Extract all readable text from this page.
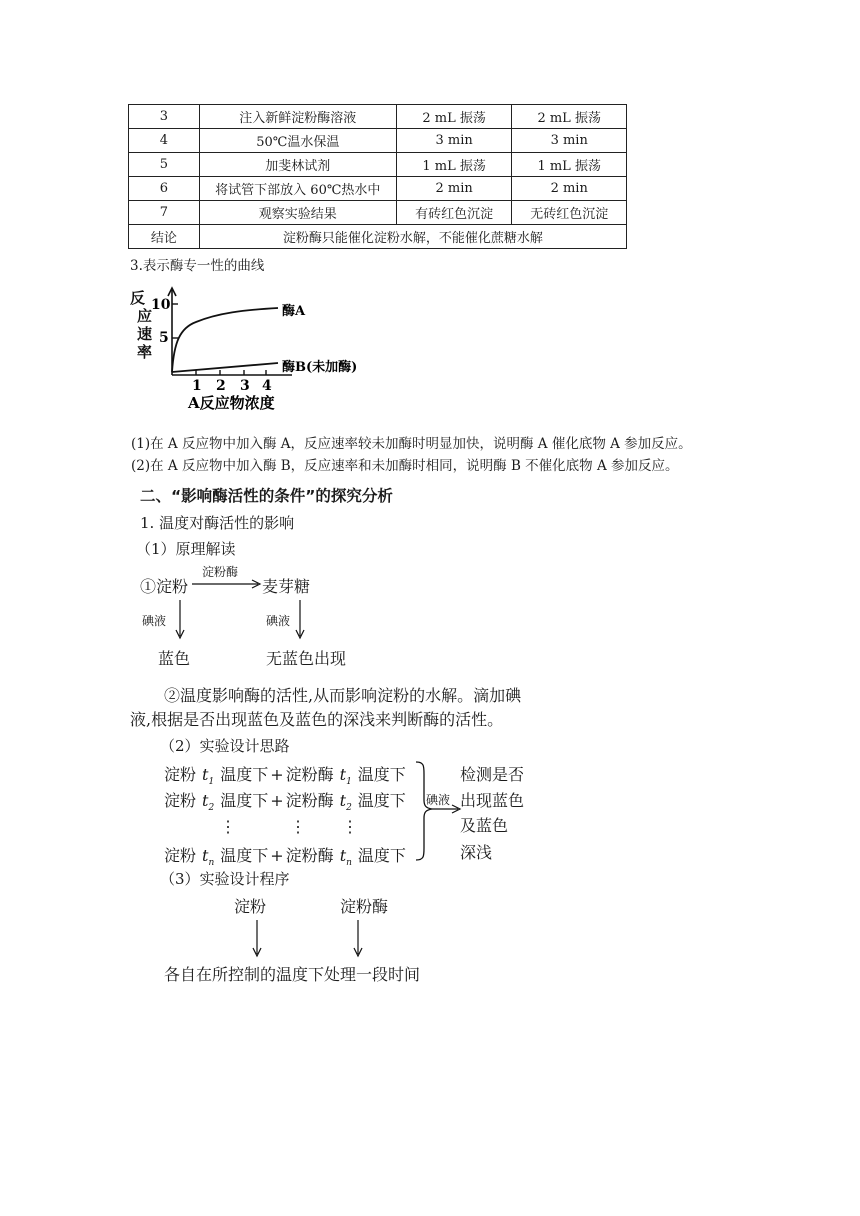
3	注入新鲜淀粉酶溶液	2 mL 振荡	2 mL 振荡
4	50℃温水保温	3 min	3 min
5	加斐林试剂	1 mL 振荡	1 mL 振荡
6	将试管下部放入 60℃热水中	2 min	2 min
7	观察实验结果	有砖红色沉淀	无砖红色沉淀
结论	淀粉酶只能催化淀粉水解，不能催化蔗糖水解		
3.表示酶专一性的曲线
反
应
速
率
10
5
1 2 3 4
A反应物浓度
酶A
酶B(未加酶)
(1)在 A 反应物中加入酶 A，反应速率较未加酶时明显加快，说明酶 A 催化底物 A 参加反应。
(2)在 A 反应物中加入酶 B，反应速率和未加酶时相同，说明酶 B 不催化底物 A 参加反应。
二、“影响酶活性的条件”的探究分析
1. 温度对酶活性的影响
（1）原理解读
①淀粉
淀粉酶
麦芽糖
碘液	碘液
蓝色	无蓝色出现
②温度影响酶的活性,从而影响淀粉的水解。滴加碘
液,根据是否出现蓝色及蓝色的深浅来判断酶的活性。
（2）实验设计思路
淀粉 $t_1$ 温度下 + 淀粉酶 $t_1$ 温度下
淀粉 $t_2$ 温度下 + 淀粉酶 $t_2$ 温度下
淀粉 $t_n$ 温度下 + 淀粉酶 $t_n$ 温度下
⋮	⋮ ⋮
碘液
检测是否
出现蓝色
及蓝色
深浅
（3）实验设计程序
淀粉	淀粉酶
各自在所控制的温度下处理一段时间
